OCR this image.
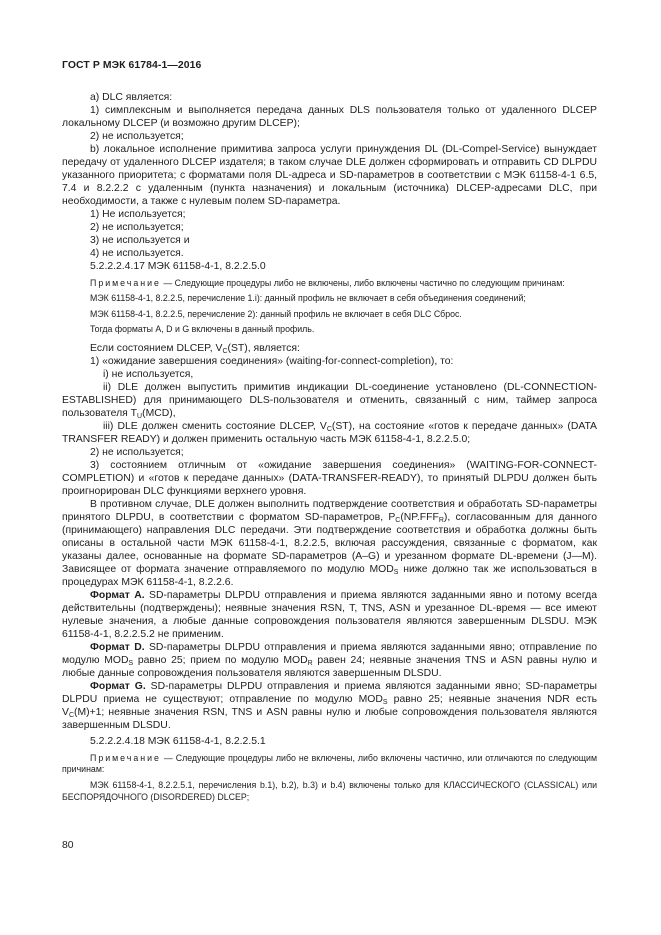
ГОСТ Р МЭК 61784-1—2016

a) DLC является:

1) симплексным и выполняется передача данных DLS пользователя только от удаленного DLCEP локальному DLCEP (и возможно другим DLCEP);

2) не используется;

b) локальное исполнение примитива запроса услуги принуждения DL (DL-Compel-Service) вынуждает передачу от удаленного DLCEP издателя; в таком случае DLE должен сформировать и отправить CD DLPDU указанного приоритета; с форматами поля DL-адреса и SD-параметров в соответствии с МЭК 61158-4-1 6.5, 7.4 и 8.2.2.2 с удаленным (пункта назначения) и локальным (источника) DLCEP-адресами DLC, при необходимости, а также с нулевым полем SD-параметра.

1) Не используется;

2) не используется;

3) не используется и

4) не используется.

5.2.2.2.4.17 МЭК 61158-4-1, 8.2.2.5.0

Примечание — Следующие процедуры либо не включены, либо включены частично по следующим причинам:

МЭК 61158-4-1, 8.2.2.5, перечисление 1.i): данный профиль не включает в себя объединения соединений;

МЭК 61158-4-1, 8.2.2.5, перечисление 2): данный профиль не включает в себя DLC Сброс.

Тогда форматы А, D и G включены в данный профиль.

Если состоянием DLCEP, $V_C(ST)$, является:

1) «ожидание завершения соединения» (waiting-for-connect-completion), то:

i) не используется,

ii) DLE должен выпустить примитив индикации DL-соединение установлено (DL-CONNECTION-ESTABLISHED) для принимающего DLS-пользователя и отменить, связанный с ним, таймер запроса пользователя $T_U(MCD)$,

iii) DLE должен сменить состояние DLCEP, $V_C(ST)$, на состояние «готов к передаче данных» (DATA TRANSFER READY) и должен применить остальную часть МЭК 61158-4-1, 8.2.2.5.0;

2) не используется;

3) состоянием отличным от «ожидание завершения соединения» (WAITING-FOR-CONNECT-COMPLETION) и «готов к передаче данных» (DATA-TRANSFER-READY), то принятый DLPDU должен быть проигнорирован DLC функциями верхнего уровня.

В противном случае, DLE должен выполнить подтверждение соответствия и обработать SD-параметры принятого DLPDU, в соответствии с форматом SD-параметров, $P_C(NP.FFF_R)$, согласованным для данного (принимающего) направления DLC передачи. Эти подтверждение соответствия и обработка должны быть описаны в остальной части МЭК 61158-4-1, 8.2.2.5, включая рассуждения, связанные с форматом, как указаны далее, основанные на формате SD-параметров (A–G) и урезанном формате DL-времени (J—M). Зависящее от формата значение отправляемого по модулю $MOD_S$ ниже должно так же использоваться в процедурах МЭК 61158-4-1, 8.2.2.6.

Формат А. SD-параметры DLPDU отправления и приема являются заданными явно и потому всегда действительны (подтверждены); неявные значения RSN, T, TNS, ASN и урезанное DL-время — все имеют нулевые значения, а любые данные сопровождения пользователя являются завершенным DLSDU. МЭК 61158-4-1, 8.2.2.5.2 не применим.

Формат D. SD-параметры DLPDU отправления и приема являются заданными явно; отправление по модулю $MOD_S$ равно 25; прием по модулю $MOD_R$ равен 24; неявные значения TNS и ASN равны нулю и любые данные сопровождения пользователя являются завершенным DLSDU.

Формат G. SD-параметры DLPDU отправления и приема являются заданными явно; SD-параметры DLPDU приема не существуют; отправление по модулю $MOD_S$ равно 25; неявные значения NDR есть $V_C(M)+1$; неявные значения RSN, TNS и ASN равны нулю и любые сопровождения пользователя являются завершенным DLSDU.

5.2.2.2.4.18 МЭК 61158-4-1, 8.2.2.5.1

Примечание — Следующие процедуры либо не включены, либо включены частично, или отличаются по следующим причинам:

МЭК 61158-4-1, 8.2.2.5.1, перечисления b.1), b.2), b.3) и b.4) включены только для КЛАССИЧЕСКОГО (CLASSICAL) или БЕСПОРЯДОЧНОГО (DISORDERED) DLCEP;

80
